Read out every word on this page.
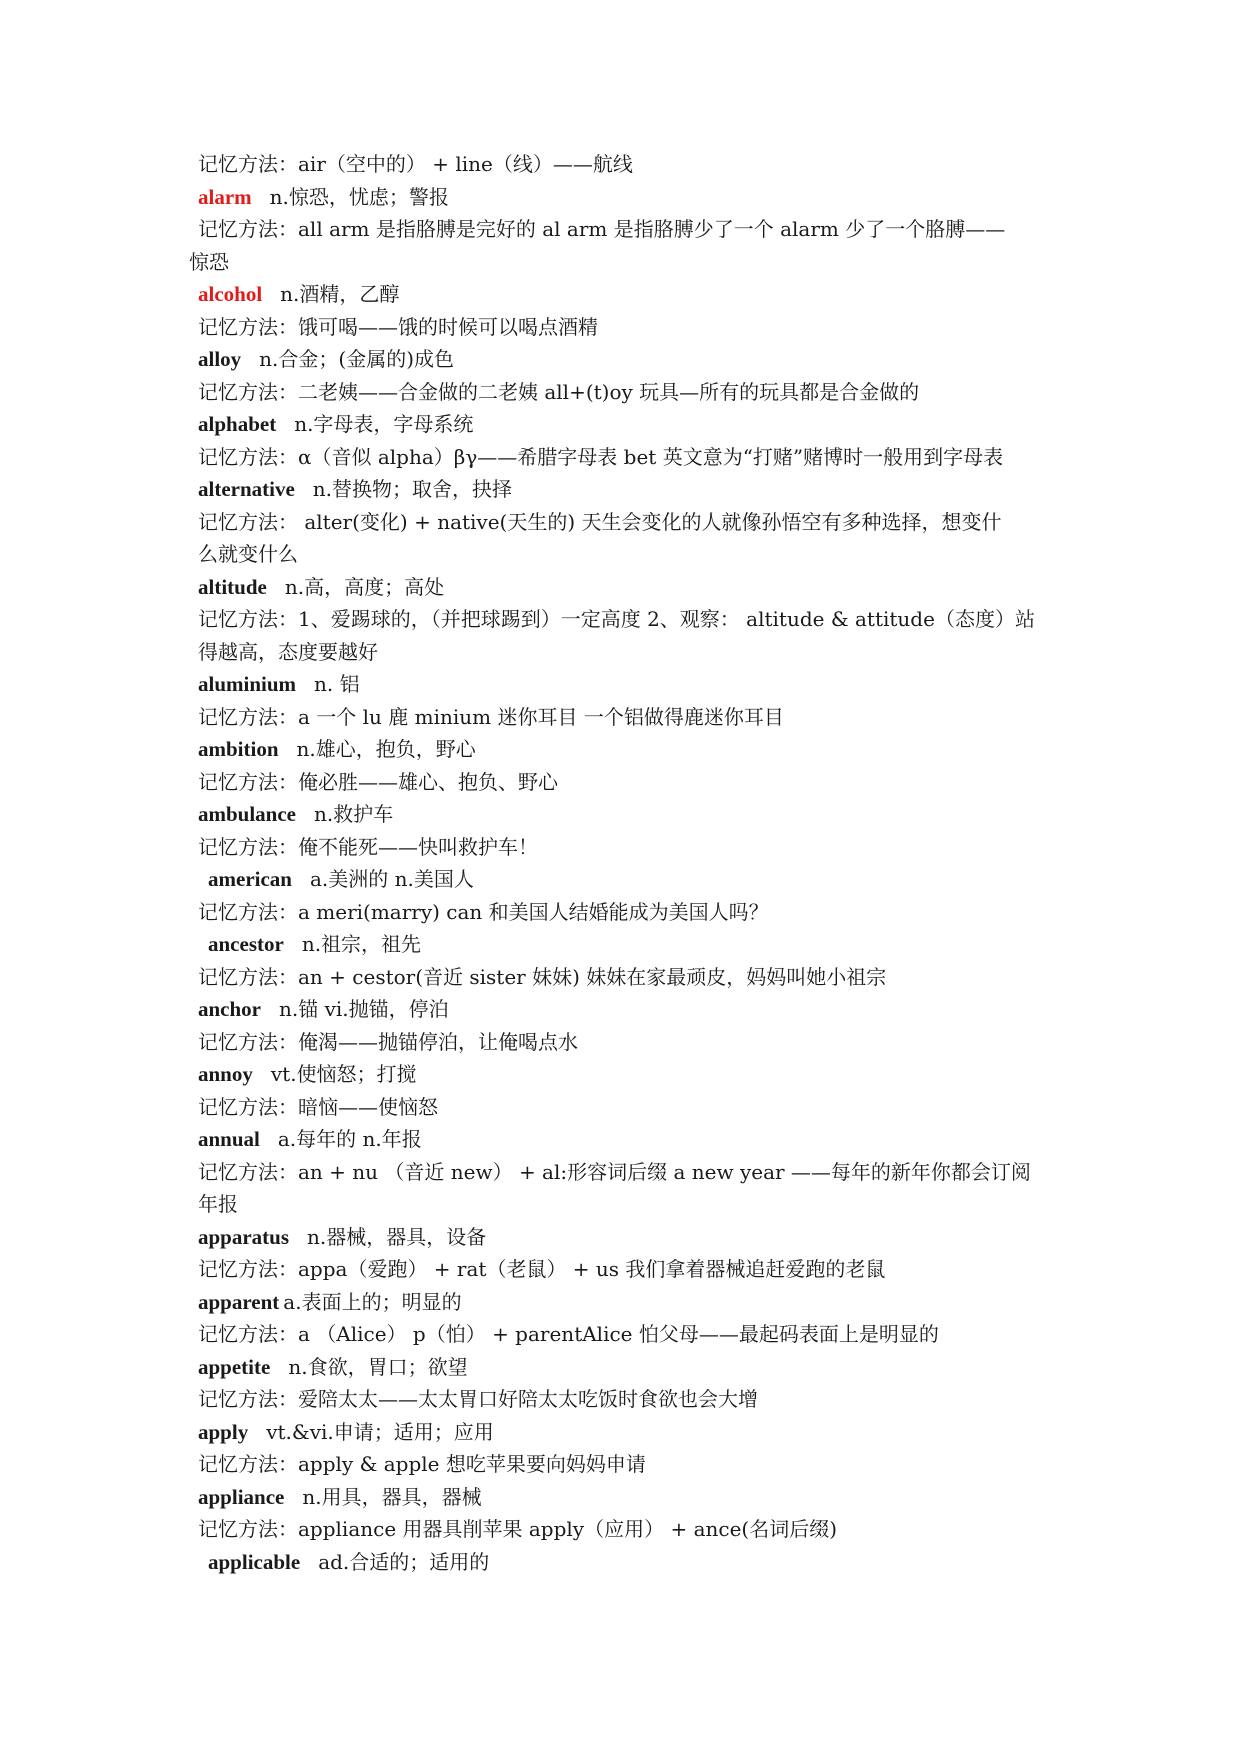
记忆方法：air（空中的） + line（线）——航线
alarm n.惊恐，忧虑；警报
记忆方法：all arm 是指胳膊是完好的 al arm 是指胳膊少了一个 alarm 少了一个胳膊——
惊恐
alcohol n.酒精，乙醇
记忆方法：饿可喝——饿的时候可以喝点酒精
alloy n.合金；(金属的)成色
记忆方法：二老姨——合金做的二老姨 all+(t)oy 玩具—所有的玩具都是合金做的
alphabet n.字母表，字母系统
记忆方法：α（音似 alpha）βγ——希腊字母表 bet 英文意为“打赌”赌博时一般用到字母表
alternative n.替换物；取舍，抉择
记忆方法： alter(变化) + native(天生的) 天生会变化的人就像孙悟空有多种选择，想变什
么就变什么
altitude n.高，高度；高处
记忆方法：1、爱踢球的，（并把球踢到）一定高度 2、观察： altitude & attitude（态度）站
得越高，态度要越好
aluminium n. 铝
记忆方法：a 一个 lu 鹿 minium 迷你耳目 一个铝做得鹿迷你耳目
ambition n.雄心，抱负，野心
记忆方法：俺必胜——雄心、抱负、野心
ambulance n.救护车
记忆方法：俺不能死——快叫救护车！
american a.美洲的 n.美国人
记忆方法：a meri(marry) can 和美国人结婚能成为美国人吗？
ancestor n.祖宗，祖先
记忆方法：an + cestor(音近 sister 妹妹) 妹妹在家最顽皮，妈妈叫她小祖宗
anchor n.锚 vi.抛锚，停泊
记忆方法：俺渴——抛锚停泊，让俺喝点水
annoy vt.使恼怒；打搅
记忆方法：暗恼——使恼怒
annual a.每年的 n.年报
记忆方法：an + nu （音近 new） + al:形容词后缀 a new year ——每年的新年你都会订阅
年报
apparatus n.器械，器具，设备
记忆方法：appa（爱跑） + rat（老鼠） + us 我们拿着器械追赶爱跑的老鼠
apparent a.表面上的；明显的
记忆方法：a （Alice） p（怕） + parentAlice 怕父母——最起码表面上是明显的
appetite n.食欲，胃口；欲望
记忆方法：爱陪太太——太太胃口好陪太太吃饭时食欲也会大增
apply vt.&vi.申请；适用；应用
记忆方法：apply & apple 想吃苹果要向妈妈申请
appliance n.用具，器具，器械
记忆方法：appliance 用器具削苹果 apply（应用） + ance(名词后缀)
applicable ad.合适的；适用的
